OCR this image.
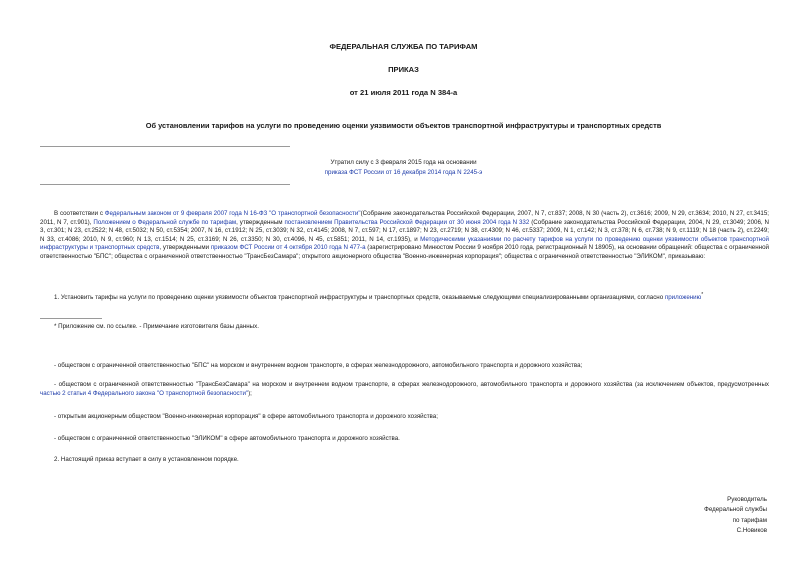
ФЕДЕРАЛЬНАЯ СЛУЖБА ПО ТАРИФАМ
ПРИКАЗ
от 21 июля 2011 года N 384-а
Об установлении тарифов на услуги по проведению оценки уязвимости объектов транспортной инфраструктуры и транспортных средств
Утратил силу с 3 февраля 2015 года на основании
приказа ФСТ России от 16 декабря 2014 года N 2245-э
В соответствии с Федеральным законом от 9 февраля 2007 года N 16-ФЗ "О транспортной безопасности"(Собрание законодательства Российской Федерации, 2007, N 7, ст.837; 2008, N 30 (часть 2), ст.3616; 2009, N 29, ст.3634; 2010, N 27, ст.3415; 2011, N 7, ст.901), Положением о Федеральной службе по тарифам, утвержденным постановлением Правительства Российской Федерации от 30 июня 2004 года N 332 (Собрание законодательства Российской Федерации, 2004, N 29, ст.3049; 2006, N 3, ст.301; N 23, ст.2522; N 48, ст.5032; N 50, ст.5354; 2007, N 16, ст.1912; N 25, ст.3039; N 32, ст.4145; 2008, N 7, ст.597; N 17, ст.1897; N 23, ст.2719; N 38, ст.4309; N 46, ст.5337; 2009, N 1, ст.142; N 3, ст.378; N 6, ст.738; N 9, ст.1119; N 18 (часть 2), ст.2249; N 33, ст.4086; 2010, N 9, ст.960; N 13, ст.1514; N 25, ст.3169; N 26, ст.3350; N 30, ст.4096, N 45, ст.5851; 2011, N 14, ст.1935), и Методическими указаниями по расчету тарифов на услуги по проведению оценки уязвимости объектов транспортной инфраструктуры и транспортных средств, утвержденными приказом ФСТ России от 4 октября 2010 года N 477-а (зарегистрировано Минюстом России 9 ноября 2010 года, регистрационный N 18905), на основании обращений: общества с ограниченной ответственностью "БПС"; общества с ограниченной ответственностью "ТрансБезСамара"; открытого акционерного общества "Военно-инженерная корпорация"; общества с ограниченной ответственностью "ЭЛИКОМ", приказываю:
1. Установить тарифы на услуги по проведению оценки уязвимости объектов транспортной инфраструктуры и транспортных средств, оказываемые следующими специализированными организациями, согласно приложению*
* Приложение см. по ссылке. - Примечание изготовителя базы данных.
- обществом с ограниченной ответственностью "БПС" на морском и внутреннем водном транспорте, в сферах железнодорожного, автомобильного транспорта и дорожного хозяйства;
- обществом с ограниченной ответственностью "ТрансБезСамара" на морском и внутреннем водном транспорте, в сферах железнодорожного, автомобильного транспорта и дорожного хозяйства (за исключением объектов, предусмотренных частью 2 статьи 4 Федерального закона "О транспортной безопасности");
- открытым акционерным обществом "Военно-инженерная корпорация" в сфере автомобильного транспорта и дорожного хозяйства;
- обществом с ограниченной ответственностью "ЭЛИКОМ" в сфере автомобильного транспорта и дорожного хозяйства.
2. Настоящий приказ вступает в силу в установленном порядке.
Руководитель
Федеральной службы
по тарифам
С.Новиков
